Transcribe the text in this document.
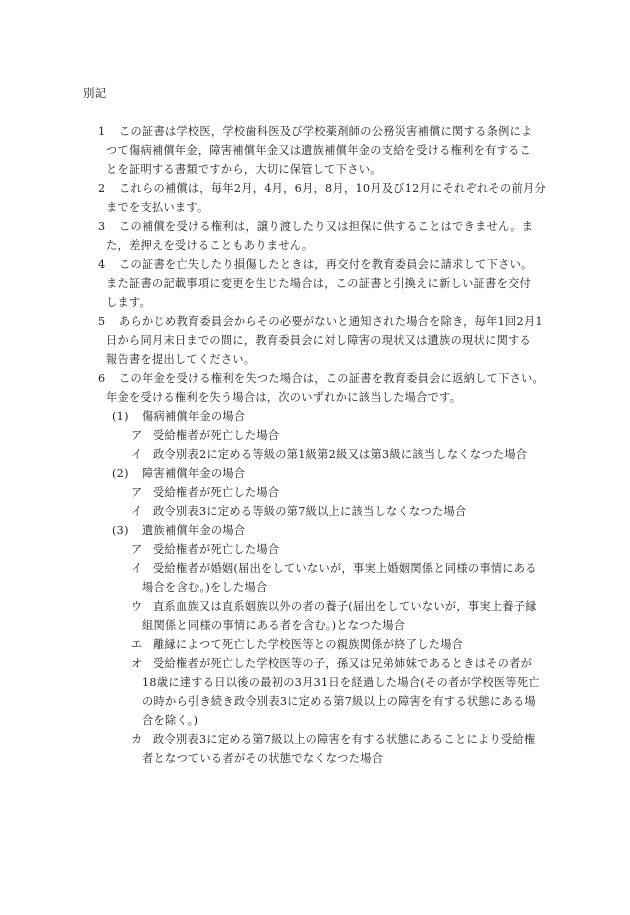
別記
1 この証書は学校医，学校歯科医及び学校薬剤師の公務災害補償に関する条例によ
つて傷病補償年金，障害補償年金又は遺族補償年金の支給を受ける権利を有するこ
とを証明する書類ですから，大切に保管して下さい。
2 これらの補償は，毎年2月，4月，6月，8月，10月及び12月にそれぞれその前月分
までを支払います。
3 この補償を受ける権利は，譲り渡したり又は担保に供することはできません。ま
た，差押えを受けることもありません。
4 この証書を亡失したり損傷したときは，再交付を教育委員会に請求して下さい。
また証書の記載事項に変更を生じた場合は，この証書と引換えに新しい証書を交付
します。
5 あらかじめ教育委員会からその必要がないと通知された場合を除き，毎年1回2月1
日から同月末日までの間に，教育委員会に対し障害の現状又は遺族の現状に関する
報告書を提出してください。
6 この年金を受ける権利を失つた場合は，この証書を教育委員会に返納して下さい。
年金を受ける権利を失う場合は，次のいずれかに該当した場合です。
(1) 傷病補償年金の場合
ア 受給権者が死亡した場合
イ 政令別表2に定める等級の第1級第2級又は第3級に該当しなくなつた場合
(2) 障害補償年金の場合
ア 受給権者が死亡した場合
イ 政令別表3に定める等級の第7級以上に該当しなくなつた場合
(3) 遺族補償年金の場合
ア 受給権者が死亡した場合
イ 受給権者が婚姻(届出をしていないが，事実上婚姻関係と同様の事情にある
場合を含む。)をした場合
ウ 直系血族又は直系姻族以外の者の養子(届出をしていないが，事実上養子縁
組関係と同様の事情にある者を含む。)となつた場合
エ 離縁によつて死亡した学校医等との親族関係が終了した場合
オ 受給権者が死亡した学校医等の子，孫又は兄弟姉妹であるときはその者が
18歳に達する日以後の最初の3月31日を経過した場合(その者が学校医等死亡
の時から引き続き政令別表3に定める第7級以上の障害を有する状態にある場
合を除く。)
カ 政令別表3に定める第7級以上の障害を有する状態にあることにより受給権
者となつている者がその状態でなくなつた場合
